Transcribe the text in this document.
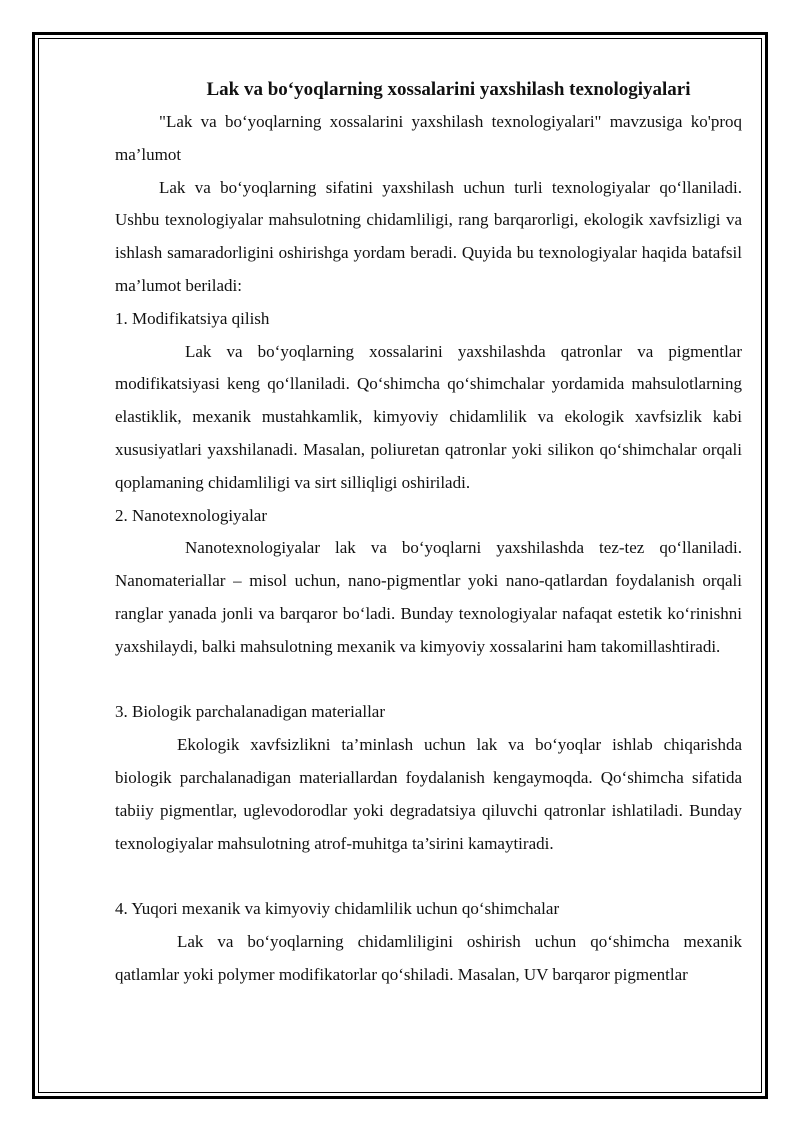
Lak va bo‘yoqlarning xossalarini yaxshilash texnologiyalari

"Lak va bo‘yoqlarning xossalarini yaxshilash texnologiyalari" mavzusiga ko'proq ma’lumot

Lak va bo‘yoqlarning sifatini yaxshilash uchun turli texnologiyalar qo‘llaniladi. Ushbu texnologiyalar mahsulotning chidamliligi, rang barqarorligi, ekologik xavfsizligi va ishlash samaradorligini oshirishga yordam beradi. Quyida bu texnologiyalar haqida batafsil ma’lumot beriladi:

1. Modifikatsiya qilish

Lak va bo‘yoqlarning xossalarini yaxshilashda qatronlar va pigmentlar modifikatsiyasi keng qo‘llaniladi. Qo‘shimcha qo‘shimchalar yordamida mahsulotlarning elastiklik, mexanik mustahkamlik, kimyoviy chidamlilik va ekologik xavfsizlik kabi xususiyatlari yaxshilanadi. Masalan, poliuretan qatronlar yoki silikon qo‘shimchalar orqali qoplamaning chidamliligi va sirt silliqligi oshiriladi.

2. Nanotexnologiyalar

Nanotexnologiyalar lak va bo‘yoqlarni yaxshilashda tez-tez qo‘llaniladi. Nanomateriallar – misol uchun, nano-pigmentlar yoki nano-qatlardan foydalanish orqali ranglar yanada jonli va barqaror bo‘ladi. Bunday texnologiyalar nafaqat estetik ko‘rinishni yaxshilaydi, balki mahsulotning mexanik va kimyoviy xossalarini ham takomillashtiradi.

3. Biologik parchalanadigan materiallar

Ekologik xavfsizlikni ta’minlash uchun lak va bo‘yoqlar ishlab chiqarishda biologik parchalanadigan materiallardan foydalanish kengaymoqda. Qo‘shimcha sifatida tabiiy pigmentlar, uglevodorodlar yoki degradatsiya qiluvchi qatronlar ishlatiladi. Bunday texnologiyalar mahsulotning atrof-muhitga ta’sirini kamaytiradi.

4. Yuqori mexanik va kimyoviy chidamlilik uchun qo‘shimchalar

Lak va bo‘yoqlarning chidamliligini oshirish uchun qo‘shimcha mexanik qatlamlar yoki polymer modifikatorlar qo‘shiladi. Masalan, UV barqaror pigmentlar
